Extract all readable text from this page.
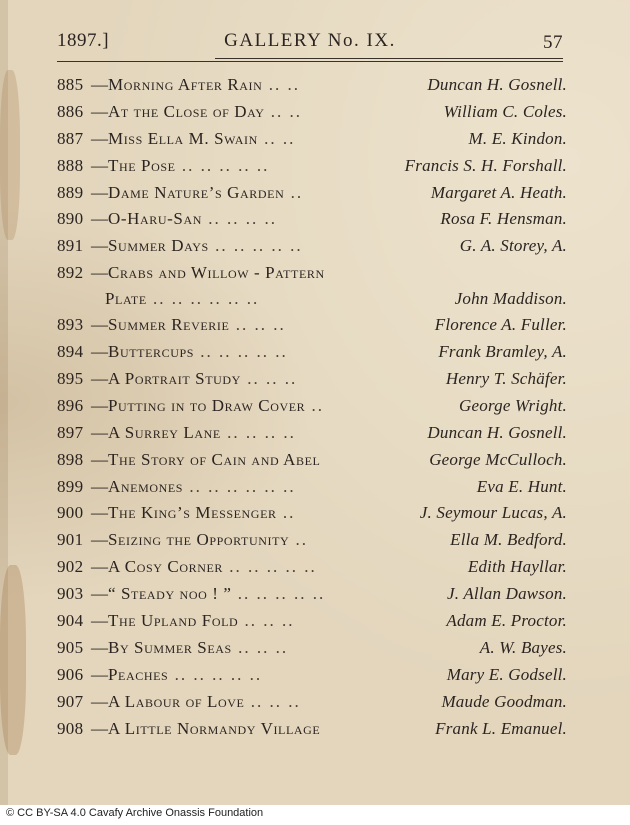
1897.]	GALLERY No. IX.	57
885 —Morning After Rain .. ..	Duncan H. Gosnell.
886 —At the Close of Day .. ..	William C. Coles.
887 —Miss Ella M. Swain .. ..	M. E. Kindon.
888 —The Pose .. .. .. .. ..	Francis S. H. Forshall.
889 —Dame Nature’s Garden ..	Margaret A. Heath.
890 —O-Haru-San .. .. .. ..	Rosa F. Hensman.
891 —Summer Days .. .. .. .. ..	G. A. Storey, A.
892 —Crabs and Willow - Pattern
Plate .. .. .. .. .. ..	John Maddison.
893 —Summer Reverie .. .. ..	Florence A. Fuller.
894 —Buttercups .. .. .. .. ..	Frank Bramley, A.
895 —A Portrait Study .. .. ..	Henry T. Schäfer.
896 —Putting in to Draw Cover ..	George Wright.
897 —A Surrey Lane .. .. .. ..	Duncan H. Gosnell.
898 —The Story of Cain and Abel	George McCulloch.
899 —Anemones .. .. .. .. .. ..	Eva E. Hunt.
900 —The King’s Messenger ..	J. Seymour Lucas, A.
901 —Seizing the Opportunity ..	Ella M. Bedford.
902 —A Cosy Corner .. .. .. .. ..	Edith Hayllar.
903 —“ Steady noo ! ” .. .. .. .. ..	J. Allan Dawson.
904 —The Upland Fold .. .. ..	Adam E. Proctor.
905 —By Summer Seas .. .. ..	A. W. Bayes.
906 —Peaches .. .. .. .. ..	Mary E. Godsell.
907 —A Labour of Love .. .. ..	Maude Goodman.
908 —A Little Normandy Village	Frank L. Emanuel.
© CC BY-SA 4.0 Cavafy Archive Onassis Foundation
